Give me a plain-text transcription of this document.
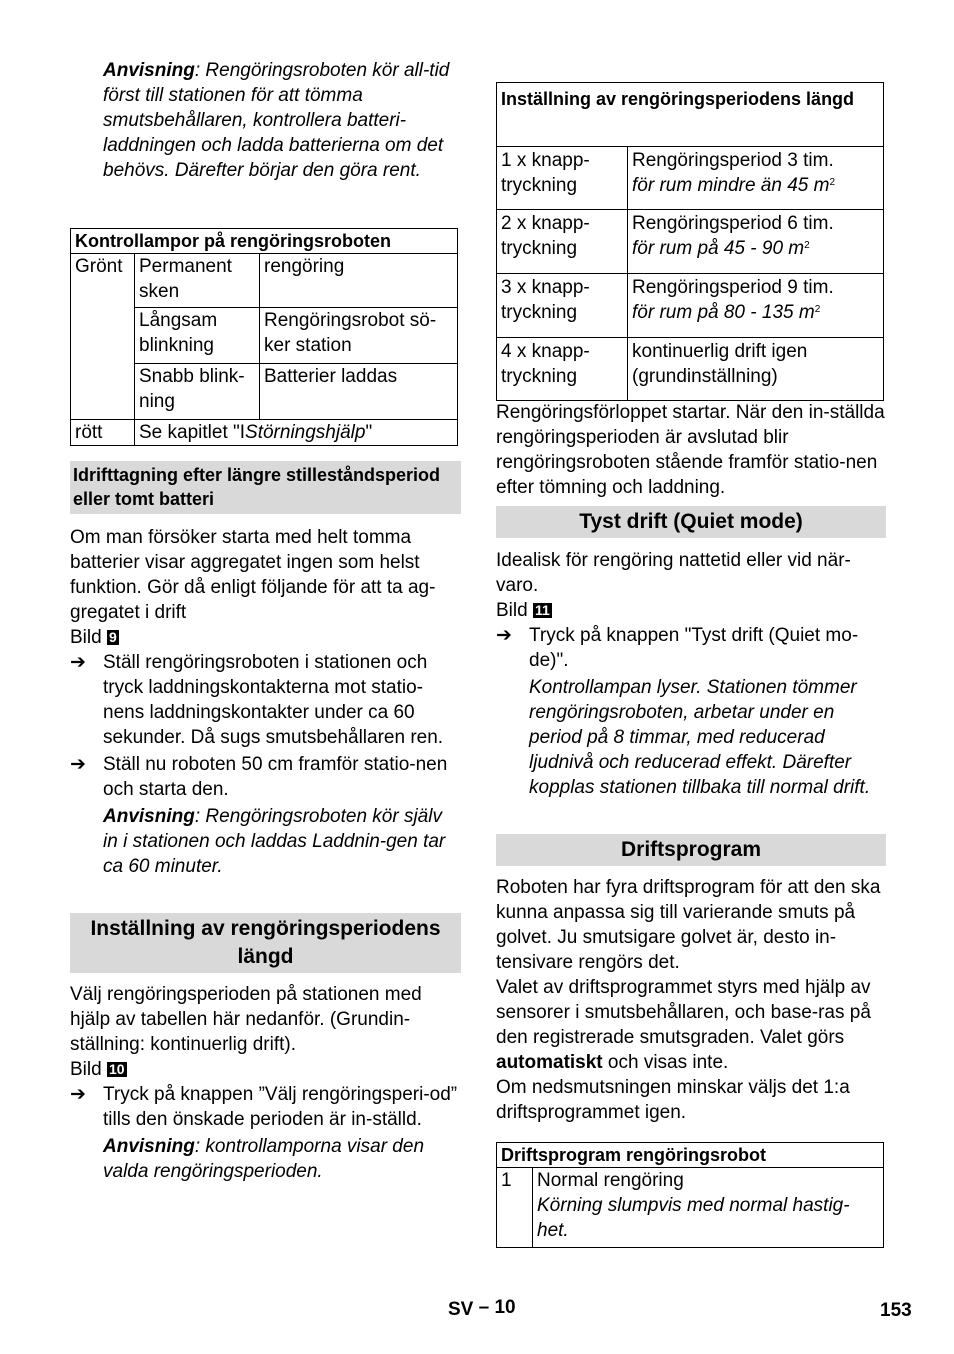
Anvisning: Rengöringsroboten kör all-tid först till stationen för att tömma smutsbehållaren, kontrollera batteri-laddningen och ladda batterierna om det behövs. Därefter börjar den göra rent.

Kontrollampor på rengöringsroboten		
Grönt	Permanent sken	rengöring
	Långsam blinkning	Rengöringsrobot sö-ker station
	Snabb blink-ning	Batterier laddas
rött	Se kapitlet "IStörningshjälp"	
Idrifttagning efter längre stilleståndsperiod eller tomt batteri

Om man försöker starta med helt tomma batterier visar aggregatet ingen som helst funktion. Gör då enligt följande för att ta ag-gregatet i drift

Bild 9

➔ Ställ rengöringsroboten i stationen och tryck laddningskontakterna mot statio-nens laddningskontakter under ca 60 sekunder. Då sugs smutsbehållaren ren.
➔ Ställ nu roboten 50 cm framför statio-nen och starta den.

Anvisning: Rengöringsroboten kör själv in i stationen och laddas Laddnin-gen tar ca 60 minuter.

Inställning av rengöringsperiodens längd

Välj rengöringsperioden på stationen med hjälp av tabellen här nedanför. (Grundin-ställning: kontinuerlig drift).

Bild 10

➔ Tryck på knappen ”Välj rengöringsperi-od” tills den önskade perioden är in-ställd.

Anvisning: kontrollamporna visar den valda rengöringsperioden.

Inställning av rengöringsperiodens längd	
1 x knapp-tryckning	Rengöringsperiod 3 tim.
för rum mindre än 45 $m^2$
2 x knapp-tryckning	Rengöringsperiod 6 tim.
för rum på 45 - 90 $m^2$
3 x knapp-tryckning	Rengöringsperiod 9 tim.
för rum på 80 - 135 $m^2$
4 x knapp-tryckning	kontinuerlig drift igen (grundinställning)

Rengöringsförloppet startar. När den in-ställda rengöringsperioden är avslutad blir rengöringsroboten stående framför statio-nen efter tömning och laddning.

Tyst drift (Quiet mode)

Idealisk för rengöring nattetid eller vid när-varo.

Bild 11

➔ Tryck på knappen "Tyst drift (Quiet mo-de)".

Kontrollampan lyser. Stationen tömmer rengöringsroboten, arbetar under en period på 8 timmar, med reducerad ljudnivå och reducerad effekt. Därefter kopplas stationen tillbaka till normal drift.

Driftsprogram

Roboten har fyra driftsprogram för att den ska kunna anpassa sig till varierande smuts på golvet. Ju smutsigare golvet är, desto in-tensivare rengörs det.

Valet av driftsprogrammet styrs med hjälp av sensorer i smutsbehållaren, och base-ras på den registrerade smutsgraden. Valet görs automatiskt och visas inte.

Om nedsmutsningen minskar väljs det 1:a driftsprogrammet igen.

Driftsprogram rengöringsrobot
1	Normal rengöring
Körning slumpvis med normal hastig-het.
SV – 10	153
